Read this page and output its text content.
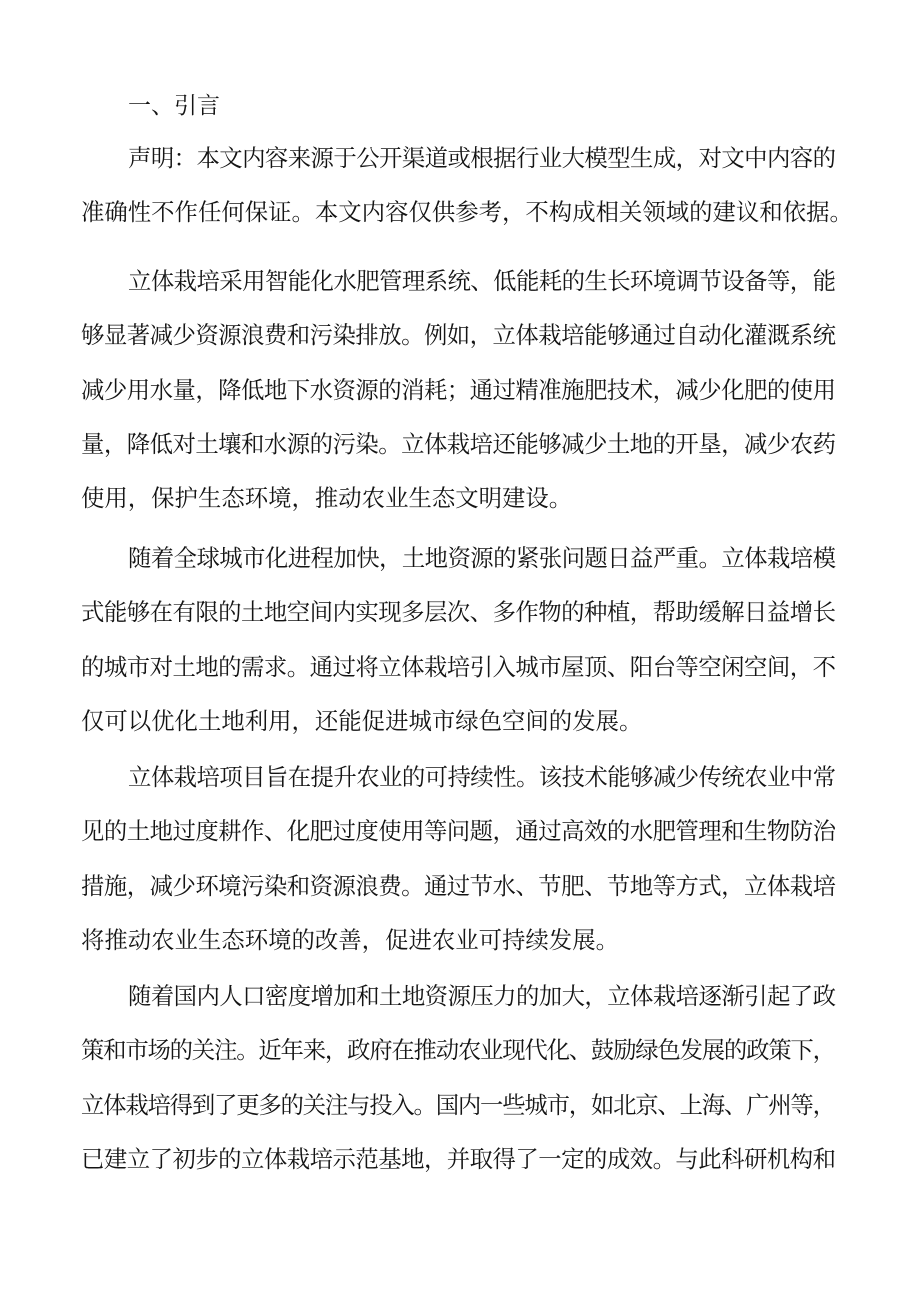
一、引言
声明：本文内容来源于公开渠道或根据行业大模型生成，对文中内容的
准确性不作任何保证。本文内容仅供参考，不构成相关领域的建议和依据。
立体栽培采用智能化水肥管理系统、低能耗的生长环境调节设备等，能
够显著减少资源浪费和污染排放。例如，立体栽培能够通过自动化灌溉系统
减少用水量，降低地下水资源的消耗；通过精准施肥技术，减少化肥的使用
量，降低对土壤和水源的污染。立体栽培还能够减少土地的开垦，减少农药
使用，保护生态环境，推动农业生态文明建设。
随着全球城市化进程加快，土地资源的紧张问题日益严重。立体栽培模
式能够在有限的土地空间内实现多层次、多作物的种植，帮助缓解日益增长
的城市对土地的需求。通过将立体栽培引入城市屋顶、阳台等空闲空间，不
仅可以优化土地利用，还能促进城市绿色空间的发展。
立体栽培项目旨在提升农业的可持续性。该技术能够减少传统农业中常
见的土地过度耕作、化肥过度使用等问题，通过高效的水肥管理和生物防治
措施，减少环境污染和资源浪费。通过节水、节肥、节地等方式，立体栽培
将推动农业生态环境的改善，促进农业可持续发展。
随着国内人口密度增加和土地资源压力的加大，立体栽培逐渐引起了政
策和市场的关注。近年来，政府在推动农业现代化、鼓励绿色发展的政策下，
立体栽培得到了更多的关注与投入。国内一些城市，如北京、上海、广州等，
已建立了初步的立体栽培示范基地，并取得了一定的成效。与此科研机构和
